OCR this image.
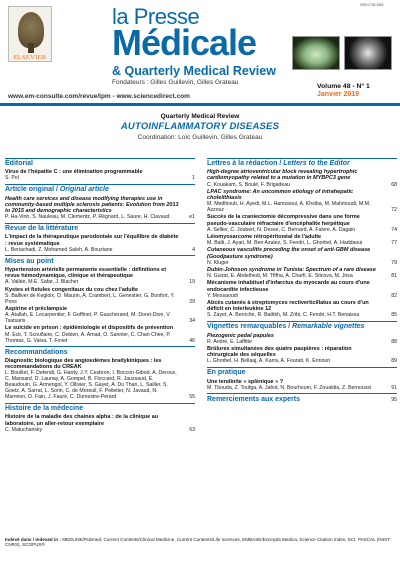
ISSN 0755-4982
ELSEVIER
la Presse
Médicale
& Quarterly Medical Review
Fondateurs : Gilles Guillevin, Gilles Grateau
Volume 48 - N° 1
Janvier 2019
www.em-consulte.com/revue/lpm - www.sciencedirect.com
Quarterly Medical Review
AUTOINFLAMMATORY DISEASES
Coordination: Loïc Guillevin, Gilles Grateau
Éditorial
Virus de l'hépatite C : une élimination programmable
S. Pol	1
Article original / Original article
Health care services and disease modifying therapies use in community-based multiple sclerosis patients: Evolution from 2013 to 2015 and demographic characteristics
P. Ha-Vinh, S. Nauleau, M. Clementz, P. Régnard, L. Saure, H. Clavaud	e1
Revue de la littérature
L'impact de la thérapeutique parodontale sur l'équilibre de diabète : revue systématique
L. Beriachadi, Z. Mohamed Saleh, A. Bouziane	4
Mises au point
Hypertension artérielle permanente essentielle : définitions et revue hémodynamique, clinique et thérapeutique
A. Vallée, M.E. Safar, J. Blacher	19
Kystes et fistules congenitaux du cou chez l'adulte
S. Balliver de Kegloix, O. Maurin, A. Crambert, L. Genestier, G. Bonfort, Y. Pons	29
Aspirine et préclampsie
A. Atallah, E. Lecarpentier, F. Goffinet, P. Gaucherand, M. Doret-Dion, V. Tsatsaris	34
Le suicide en prison : épidémiologie et dispositifs de prévention
M. Eck, T. Scouflaire, C. Debien, A. Amad, O. Sannier, C. Chan Chee, P. Thomas, G. Vaiva, T. Fovet	46
Recommandations
Diagnostic biologique des angioedèmes bradykiniques : les recommandations du CREAK
L. Bouillet, F. Defendi, G. Hardy, J.Y. Cesbron, I. Boccon-Gibod, A. Deroux, C. Mansard, D. Launay, A. Gompel, B. Floccard, R. Jaussaud, E. Beaudouin, G. Armengol, Y. Ollivier, S. Gayet, A. Du Than, L. Sailler, S. Goetz, A. Sarrat, L. Sorin, C. de Moreuil, F. Pelletier, N. Javaud, N. Marmion, O. Fain, J. Fauré, C. Dumestre-Pérard	55
Histoire de la médecine
Histoire de la maladie des chaines alpha : de la clinique au laboratoire, un aller-retour exemplaire
C. Matuchansky	63
Lettres à la rédaction / Letters to the Editor
High-degree atrioventricular block revealing hypertrophic cardiomyopathy related to a mutation in MYBPC3 gene
C. Kouakam, S. Boulé, F. Brigadeau	68
LPAC syndrome: An uncommon etiology of intrahepatic cholelithiasis
M. Medhioub, H. Ayedi, M.L. Hamzaoui, A. Khsiba, M. Mahmoudi, M.M. Azzouz	72
Succès de la craniectomie décompressive dans une forme pseudo-vasculaire réfractaire d'encéphalite herpétique
A. Sellier, C. Joubert, N. Desse, C. Bernard, A. Faivre, A. Dagain	74
Léiomyosarcome rétropéritonéal de l'adulte
M. Balti, J. Ayari, M. Ben Azaiez, S. Fendri, L. Ghorbel, A. Haddaoui	77
Cutaneous vasculitis preceding the onset of anti-GBM disease (Goodpasture syndrome)
N. Kluger	79
Dubin-Johnson syndrome in Tunisia: Spectrum of a rare disease
N. Guirat, E. Abdelhedi, M. Tfifha, A. Charfi, E. Sticova, M. Jirsa	81
Mécanisme inhabituel d'infarctus du myocarde au cours d'une endocardite infectieuse
Y. Messaoudi	82
Abcès cutanés à streptomyces rectiverticillatus au cours d'un déficit en interleukine 12
S. Zayet, A. Berriche, R. Battikh, M. Zribi, C. Fendri, H.T. Benaissa	85
Vignettes remarquables / Remarkable vignettes
Piezogenic pedal papules
R. André, E. Laffitte	88
Brûlures simultanées des quatre paupières : réparation chirurgicale des séquelles
L. Ghorbel, H. Bellaaj, A. Karra, A. Fourati, K. Ennouri	89
En pratique
Une tendinite « splénique » ?
M. Tbouda, Z. Toufga, A. Jahid, N. Bourhoum, F. Zouaidia, Z. Bernoussi	91
Remerciements aux experts	95
Indexé dans / Indexed in : MEDLINE/Pubmed, Current Contents/Clinical Medicine, Current Contents/Life sciences, EMBASE/Excerpta Medica, Science Citation Index, SCI, PASCAL (INIST-CNRS), SCOPUS®
